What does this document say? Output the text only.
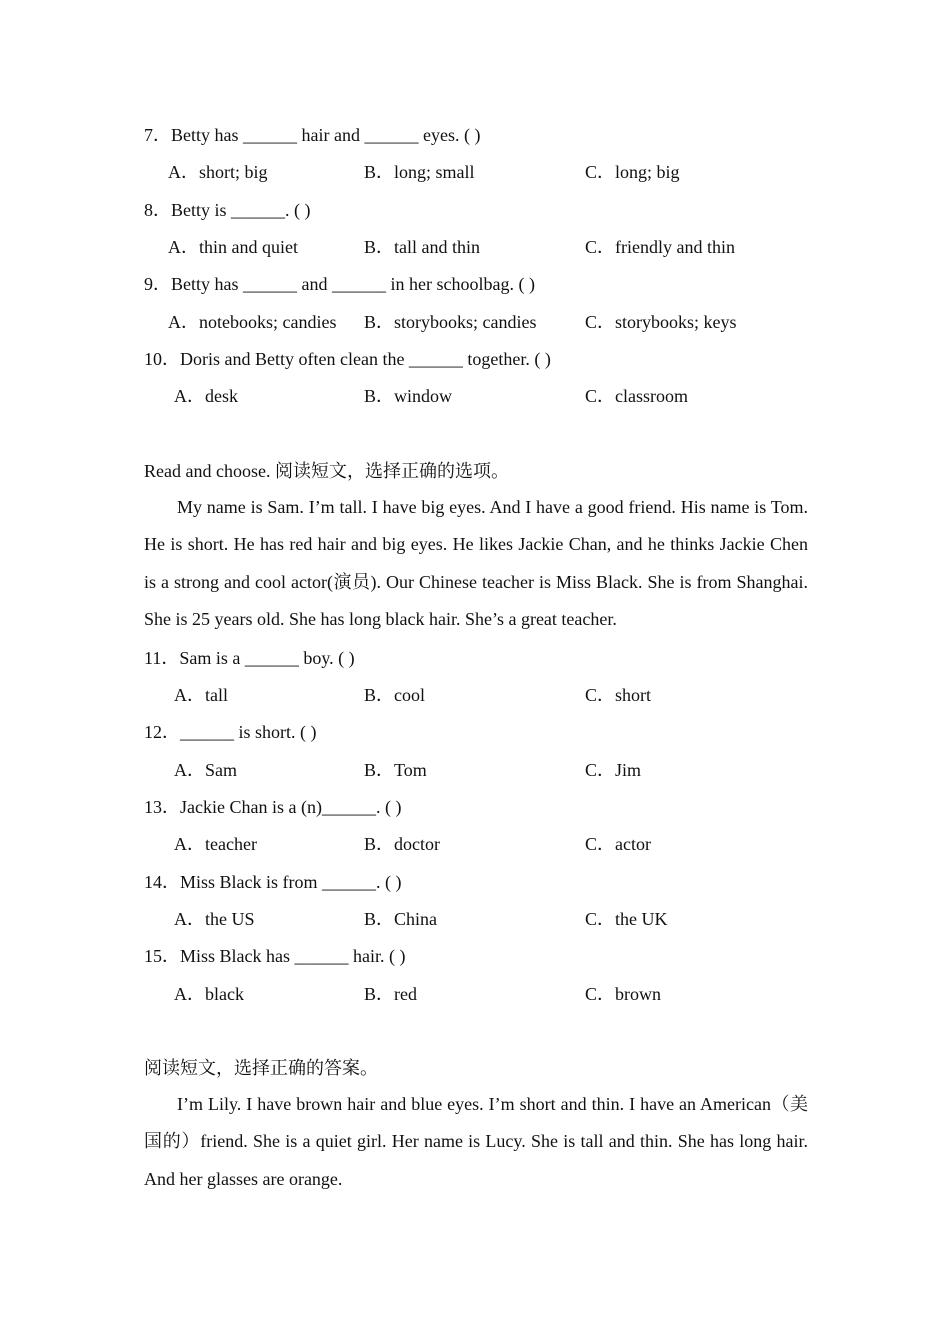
7．Betty has ______ hair and ______ eyes. ( )
A．short; big	B．long; small	C．long; big
8．Betty is ______. ( )
A．thin and quiet	B．tall and thin	C．friendly and thin
9．Betty has ______ and ______ in her schoolbag. ( )
A．notebooks; candies B．storybooks; candies	C．storybooks; keys
10．Doris and Betty often clean the ______ together. ( )
A．desk	B．window	C．classroom
Read and choose. 阅读短文，选择正确的选项。
My name is Sam. I’m tall. I have big eyes. And I have a good friend. His name is Tom. He is short. He has red hair and big eyes. He likes Jackie Chan, and he thinks Jackie Chen is a strong and cool actor(演员). Our Chinese teacher is Miss Black. She is from Shanghai. She is 25 years old. She has long black hair. She’s a great teacher.
11．Sam is a ______ boy. ( )
A．tall	B．cool	C．short
12．______ is short. ( )
A．Sam	B．Tom	C．Jim
13．Jackie Chan is a (n)______. ( )
A．teacher	B．doctor	C．actor
14．Miss Black is from ______. ( )
A．the US	B．China	C．the UK
15．Miss Black has ______ hair. ( )
A．black	B．red	C．brown
阅读短文，选择正确的答案。
I’m Lily. I have brown hair and blue eyes. I’m short and thin. I have an American（美国的）friend. She is a quiet girl. Her name is Lucy. She is tall and thin. She has long hair. And her glasses are orange.
